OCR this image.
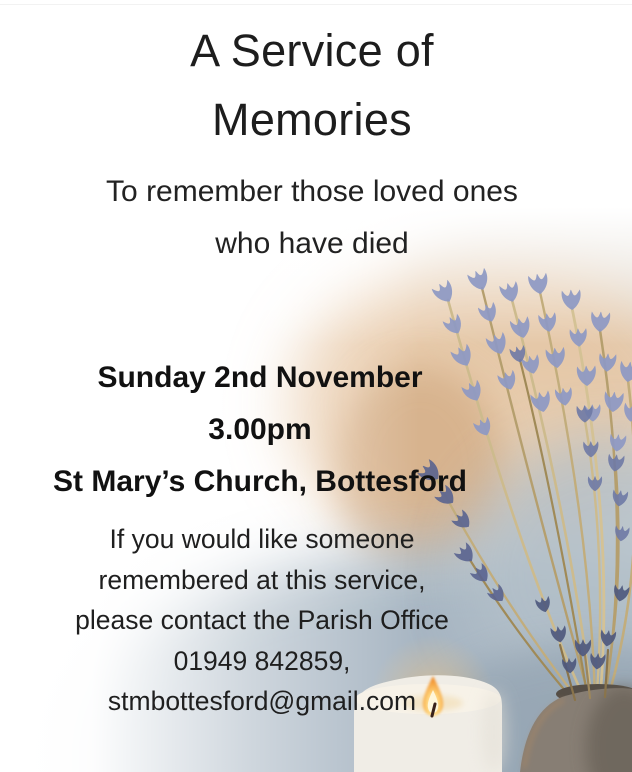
A Service of
Memories
To remember those loved ones
who have died
Sunday 2nd November
3.00pm
St Mary’s Church, Bottesford
If you would like someone
remembered at this service,
please contact the Parish Office
01949 842859,
stmbottesford@gmail.com
